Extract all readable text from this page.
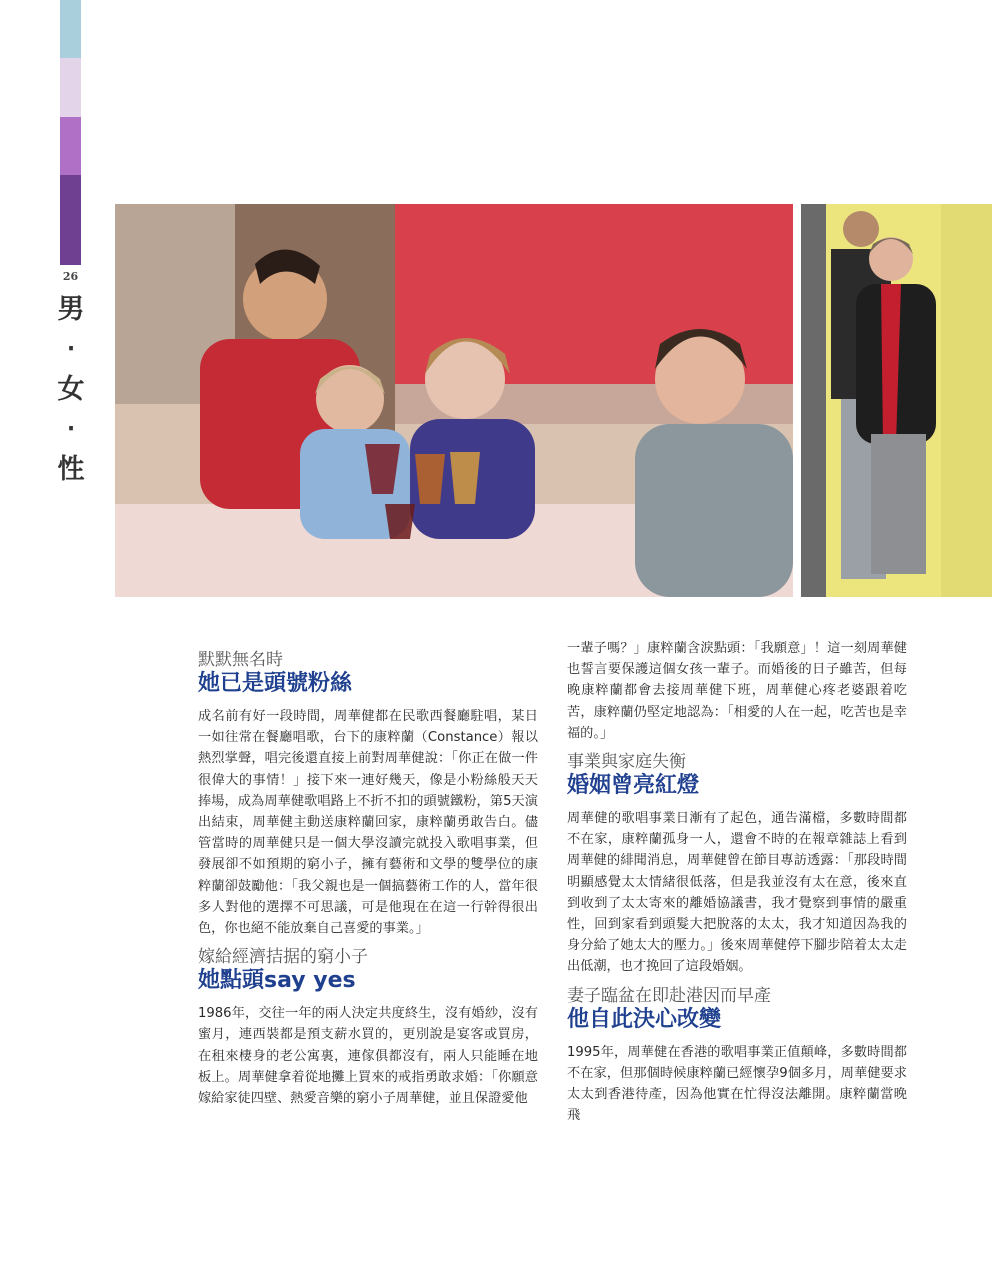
26
男
‧
女
‧
性

默默無名時

她已是頭號粉絲

成名前有好一段時間，周華健都在民歌西餐廳駐唱，某日一如往常在餐廳唱歌，台下的康粹蘭（Constance）報以熱烈掌聲，唱完後還直接上前對周華健說：「你正在做一件很偉大的事情！」接下來一連好幾天，像是小粉絲般天天捧場，成為周華健歌唱路上不折不扣的頭號鐵粉，第5天演出結束，周華健主動送康粹蘭回家，康粹蘭勇敢告白。儘管當時的周華健只是一個大學沒讀完就投入歌唱事業，但發展卻不如預期的窮小子，擁有藝術和文學的雙學位的康粹蘭卻鼓勵他：「我父親也是一個搞藝術工作的人，當年很多人對他的選擇不可思議，可是他現在在這一行幹得很出色，你也絕不能放棄自己喜愛的事業。」

嫁給經濟拮据的窮小子

她點頭say yes

1986年，交往一年的兩人決定共度終生，沒有婚紗，沒有蜜月，連西裝都是預支薪水買的，更別說是宴客或買房，在租來棲身的老公寓裏，連傢俱都沒有，兩人只能睡在地板上。周華健拿着從地攤上買來的戒指勇敢求婚：「你願意嫁給家徒四壁、熱愛音樂的窮小子周華健，並且保證愛他

一輩子嗎？」康粹蘭含淚點頭：「我願意」！這一刻周華健也誓言要保護這個女孩一輩子。而婚後的日子雖苦，但每晚康粹蘭都會去接周華健下班，周華健心疼老婆跟着吃苦，康粹蘭仍堅定地認為：「相愛的人在一起，吃苦也是幸福的。」

事業與家庭失衡

婚姻曾亮紅燈

周華健的歌唱事業日漸有了起色，通告滿檔，多數時間都不在家，康粹蘭孤身一人，還會不時的在報章雜誌上看到周華健的緋聞消息，周華健曾在節目專訪透露：「那段時間明顯感覺太太情緒很低落，但是我並沒有太在意，後來直到收到了太太寄來的離婚協議書，我才覺察到事情的嚴重性，回到家看到頭髮大把脫落的太太，我才知道因為我的身分給了她太大的壓力。」後來周華健停下腳步陪着太太走出低潮，也才挽回了這段婚姻。

妻子臨盆在即赴港因而早產

他自此決心改變

1995年，周華健在香港的歌唱事業正值顛峰，多數時間都不在家，但那個時候康粹蘭已經懷孕9個多月，周華健要求太太到香港待產，因為他實在忙得沒法離開。康粹蘭當晚飛
